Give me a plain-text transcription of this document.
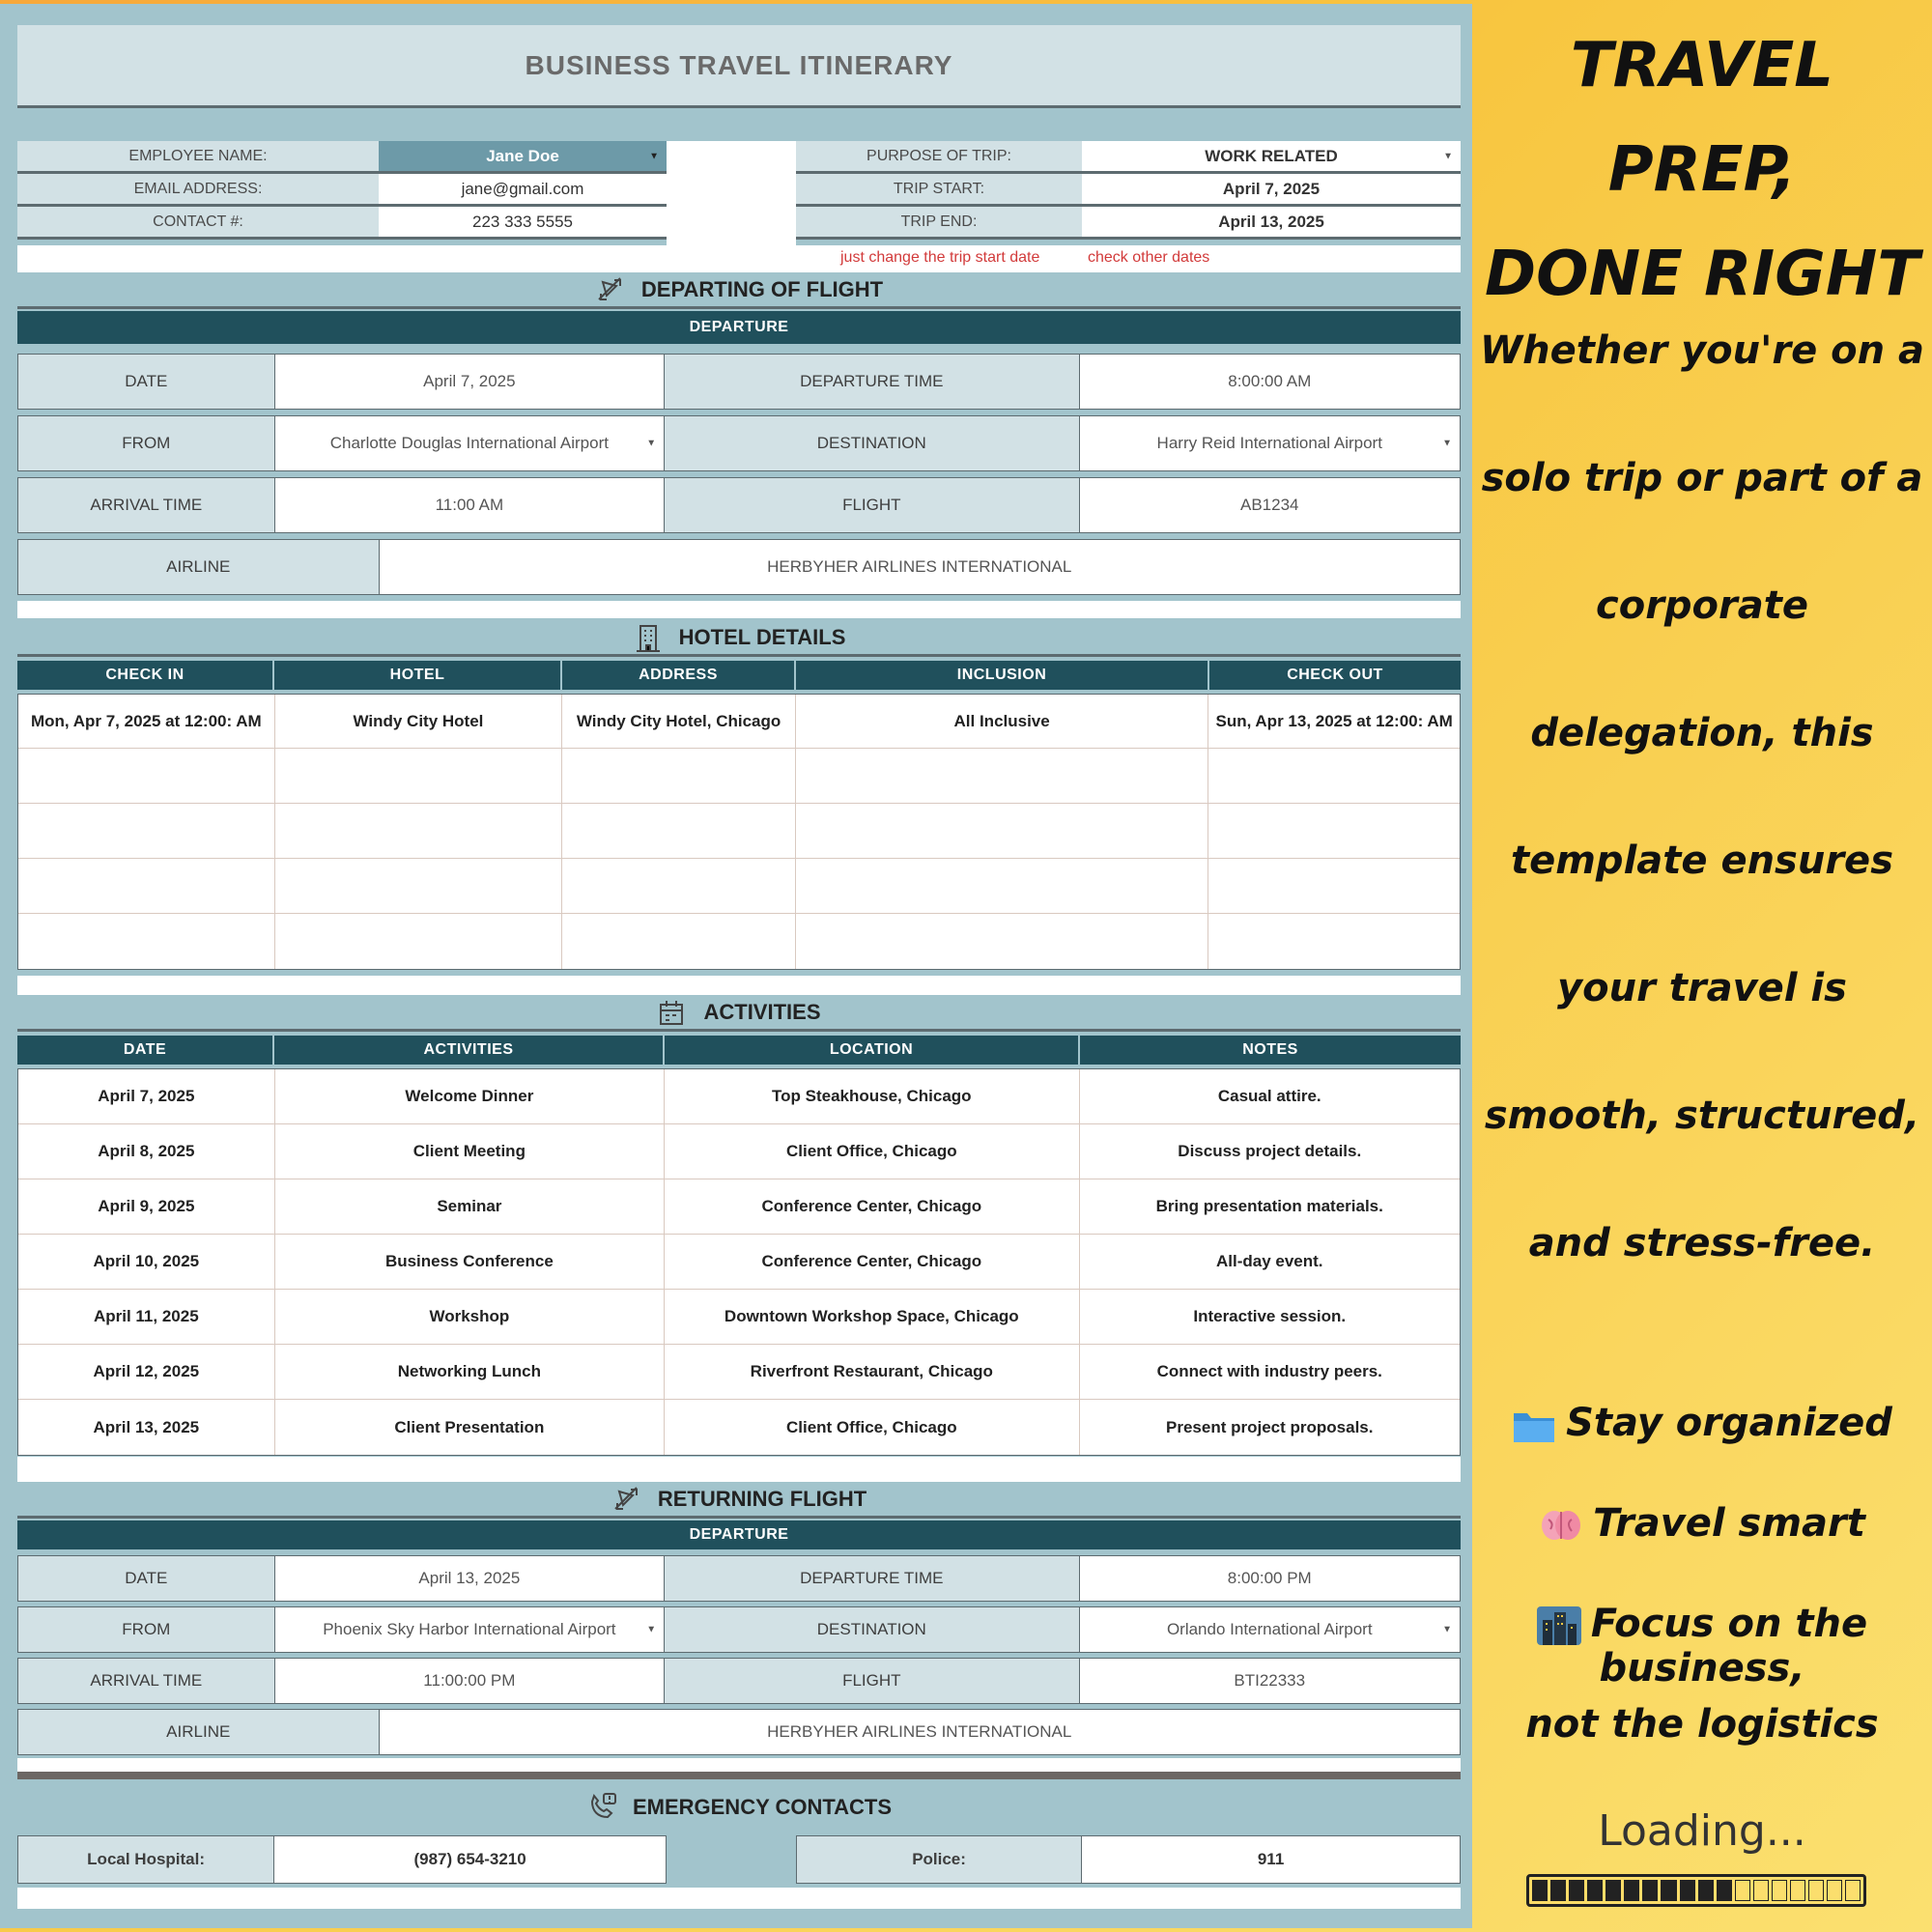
BUSINESS TRAVEL ITINERARY
EMPLOYEE NAME:	Jane Doe	▼
EMAIL ADDRESS:	jane@gmail.com
CONTACT #:	223 333 5555
PURPOSE OF TRIP:	WORK RELATED	▼
TRIP START:	April 7, 2025
TRIP END:	April 13, 2025
just change the trip start date	check other dates
DEPARTING OF FLIGHT
DEPARTURE
DATE	April 7, 2025	DEPARTURE TIME	8:00:00 AM
FROM	Charlotte Douglas International Airport	▼	DESTINATION	Harry Reid International Airport	▼
ARRIVAL TIME	11:00 AM	FLIGHT	AB1234
AIRLINE	HERBYHER AIRLINES INTERNATIONAL
HOTEL DETAILS
CHECK IN	HOTEL	ADDRESS	INCLUSION	CHECK OUT
Mon, Apr 7, 2025 at 12:00: AM	Windy City Hotel	Windy City Hotel, Chicago	All Inclusive	Sun, Apr 13, 2025 at 12:00: AM
ACTIVITIES
DATE	ACTIVITIES	LOCATION	NOTES
April 7, 2025	Welcome Dinner	Top Steakhouse, Chicago	Casual attire.
April 8, 2025	Client Meeting	Client Office, Chicago	Discuss project details.
April 9, 2025	Seminar	Conference Center, Chicago	Bring presentation materials.
April 10, 2025	Business Conference	Conference Center, Chicago	All-day event.
April 11, 2025	Workshop	Downtown Workshop Space, Chicago	Interactive session.
April 12, 2025	Networking Lunch	Riverfront Restaurant, Chicago	Connect with industry peers.
April 13, 2025	Client Presentation	Client Office, Chicago	Present project proposals.
RETURNING FLIGHT
DEPARTURE
DATE	April 13, 2025	DEPARTURE TIME	8:00:00 PM
FROM	Phoenix Sky Harbor International Airport	▼	DESTINATION	Orlando International Airport	▼
ARRIVAL TIME	11:00:00 PM	FLIGHT	BTI22333
AIRLINE	HERBYHER AIRLINES INTERNATIONAL
EMERGENCY CONTACTS
Local Hospital:	(987) 654-3210	Police:	911
TRAVEL PREP,
DONE RIGHT
Whether you're on a
solo trip or part of a
corporate
delegation, this
template ensures
your travel is
smooth, structured,
and stress-free.
Stay organized
Travel smart
Focus on the business,
not the logistics
Loading...
